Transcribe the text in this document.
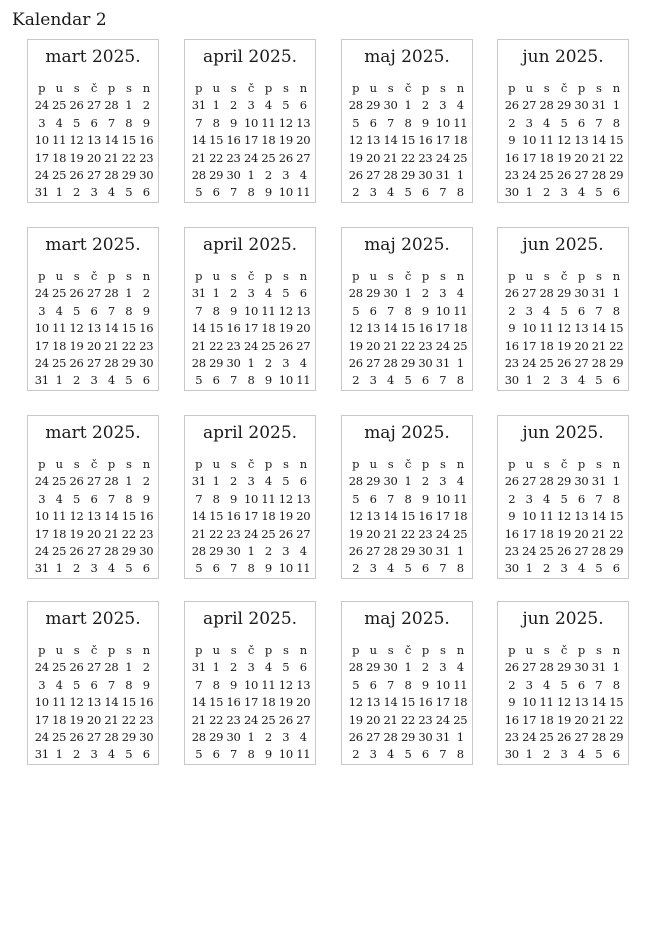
Kalendar 2
mart 2025.
p	u	s	č	p	s	n
24	25	26	27	28	1	2
3	4	5	6	7	8	9
10	11	12	13	14	15	16
17	18	19	20	21	22	23
24	25	26	27	28	29	30
31	1	2	3	4	5	6
april 2025.
p	u	s	č	p	s	n
31	1	2	3	4	5	6
7	8	9	10	11	12	13
14	15	16	17	18	19	20
21	22	23	24	25	26	27
28	29	30	1	2	3	4
5	6	7	8	9	10	11
maj 2025.
p	u	s	č	p	s	n
28	29	30	1	2	3	4
5	6	7	8	9	10	11
12	13	14	15	16	17	18
19	20	21	22	23	24	25
26	27	28	29	30	31	1
2	3	4	5	6	7	8
jun 2025.
p	u	s	č	p	s	n
26	27	28	29	30	31	1
2	3	4	5	6	7	8
9	10	11	12	13	14	15
16	17	18	19	20	21	22
23	24	25	26	27	28	29
30	1	2	3	4	5	6
mart 2025.
p	u	s	č	p	s	n
24	25	26	27	28	1	2
3	4	5	6	7	8	9
10	11	12	13	14	15	16
17	18	19	20	21	22	23
24	25	26	27	28	29	30
31	1	2	3	4	5	6
april 2025.
p	u	s	č	p	s	n
31	1	2	3	4	5	6
7	8	9	10	11	12	13
14	15	16	17	18	19	20
21	22	23	24	25	26	27
28	29	30	1	2	3	4
5	6	7	8	9	10	11
maj 2025.
p	u	s	č	p	s	n
28	29	30	1	2	3	4
5	6	7	8	9	10	11
12	13	14	15	16	17	18
19	20	21	22	23	24	25
26	27	28	29	30	31	1
2	3	4	5	6	7	8
jun 2025.
p	u	s	č	p	s	n
26	27	28	29	30	31	1
2	3	4	5	6	7	8
9	10	11	12	13	14	15
16	17	18	19	20	21	22
23	24	25	26	27	28	29
30	1	2	3	4	5	6
mart 2025.
p	u	s	č	p	s	n
24	25	26	27	28	1	2
3	4	5	6	7	8	9
10	11	12	13	14	15	16
17	18	19	20	21	22	23
24	25	26	27	28	29	30
31	1	2	3	4	5	6
april 2025.
p	u	s	č	p	s	n
31	1	2	3	4	5	6
7	8	9	10	11	12	13
14	15	16	17	18	19	20
21	22	23	24	25	26	27
28	29	30	1	2	3	4
5	6	7	8	9	10	11
maj 2025.
p	u	s	č	p	s	n
28	29	30	1	2	3	4
5	6	7	8	9	10	11
12	13	14	15	16	17	18
19	20	21	22	23	24	25
26	27	28	29	30	31	1
2	3	4	5	6	7	8
jun 2025.
p	u	s	č	p	s	n
26	27	28	29	30	31	1
2	3	4	5	6	7	8
9	10	11	12	13	14	15
16	17	18	19	20	21	22
23	24	25	26	27	28	29
30	1	2	3	4	5	6
mart 2025.
p	u	s	č	p	s	n
24	25	26	27	28	1	2
3	4	5	6	7	8	9
10	11	12	13	14	15	16
17	18	19	20	21	22	23
24	25	26	27	28	29	30
31	1	2	3	4	5	6
april 2025.
p	u	s	č	p	s	n
31	1	2	3	4	5	6
7	8	9	10	11	12	13
14	15	16	17	18	19	20
21	22	23	24	25	26	27
28	29	30	1	2	3	4
5	6	7	8	9	10	11
maj 2025.
p	u	s	č	p	s	n
28	29	30	1	2	3	4
5	6	7	8	9	10	11
12	13	14	15	16	17	18
19	20	21	22	23	24	25
26	27	28	29	30	31	1
2	3	4	5	6	7	8
jun 2025.
p	u	s	č	p	s	n
26	27	28	29	30	31	1
2	3	4	5	6	7	8
9	10	11	12	13	14	15
16	17	18	19	20	21	22
23	24	25	26	27	28	29
30	1	2	3	4	5	6
